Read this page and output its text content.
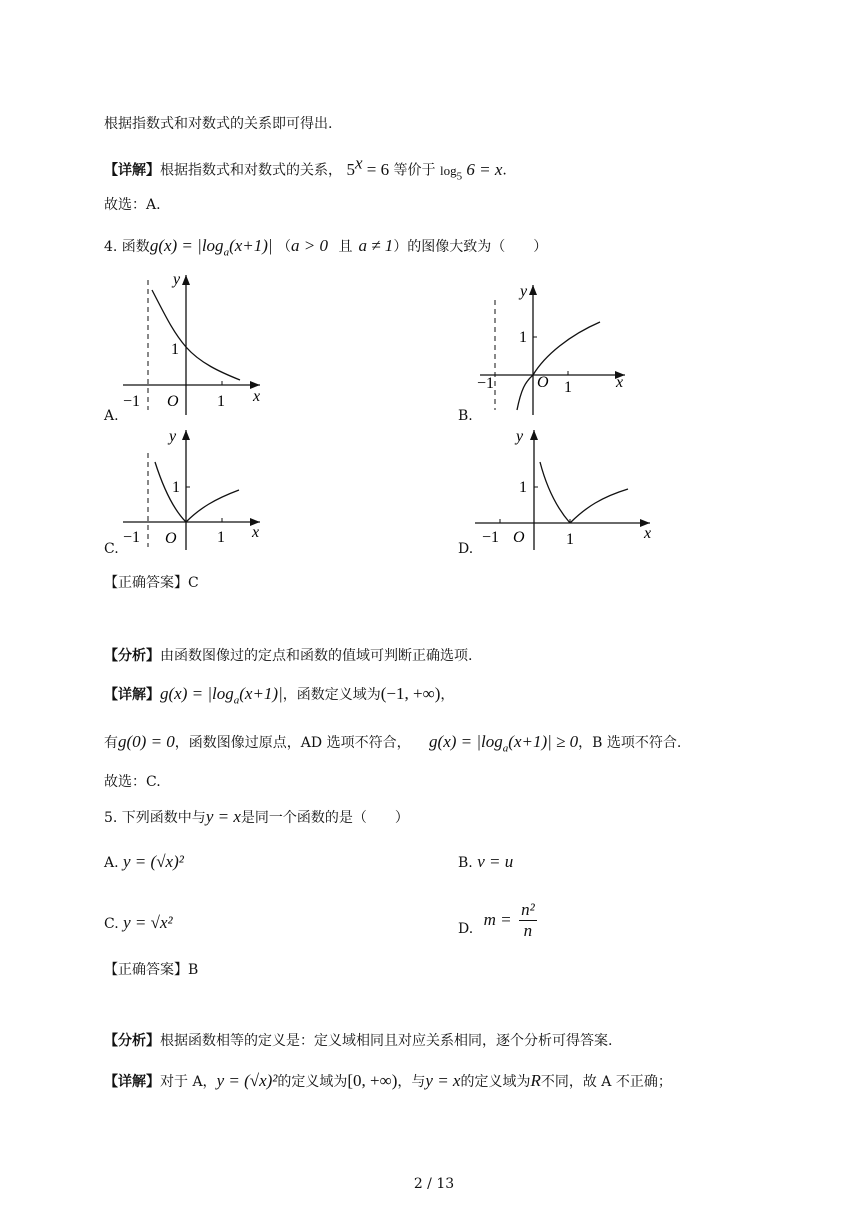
根据指数式和对数式的关系即可得出.
【详解】根据指数式和对数式的关系， $5^x = 6$ 等价于 $\log_5 6 = x$.
故选：A.
4. 函数$g(x) = |\log_a(x+1)|$ （a > 0 且 a ≠ 1）的图像大致为（　　）
y
x
O 1
1
−1
A.
y
x
O 1
1
−1
B.
y
x
O	1
1
−1
C.
y
x
O	1
1
−1
D.
【正确答案】C
【分析】由函数图像过的定点和函数的值域可判断正确选项.
【详解】$g(x) = |\log_a(x+1)|$，函数定义域为(−1, +∞)，
有g(0) = 0，函数图像过原点，AD 选项不符合， $g(x) = |\log_a(x+1)| \ge 0$，B 选项不符合.
故选：C.
5. 下列函数中与y = x是同一个函数的是（　　）
A. y = (√x)²	B. v = u
C. y = √x²	D. $m = \frac{\text{n²}}{n}$
【正确答案】B
【分析】根据函数相等的定义是：定义域相同且对应关系相同，逐个分析可得答案.
【详解】对于 A，y = (√x)²的定义域为[0, +∞)，与y = x的定义域为R不同，故 A 不正确；
2 / 13
